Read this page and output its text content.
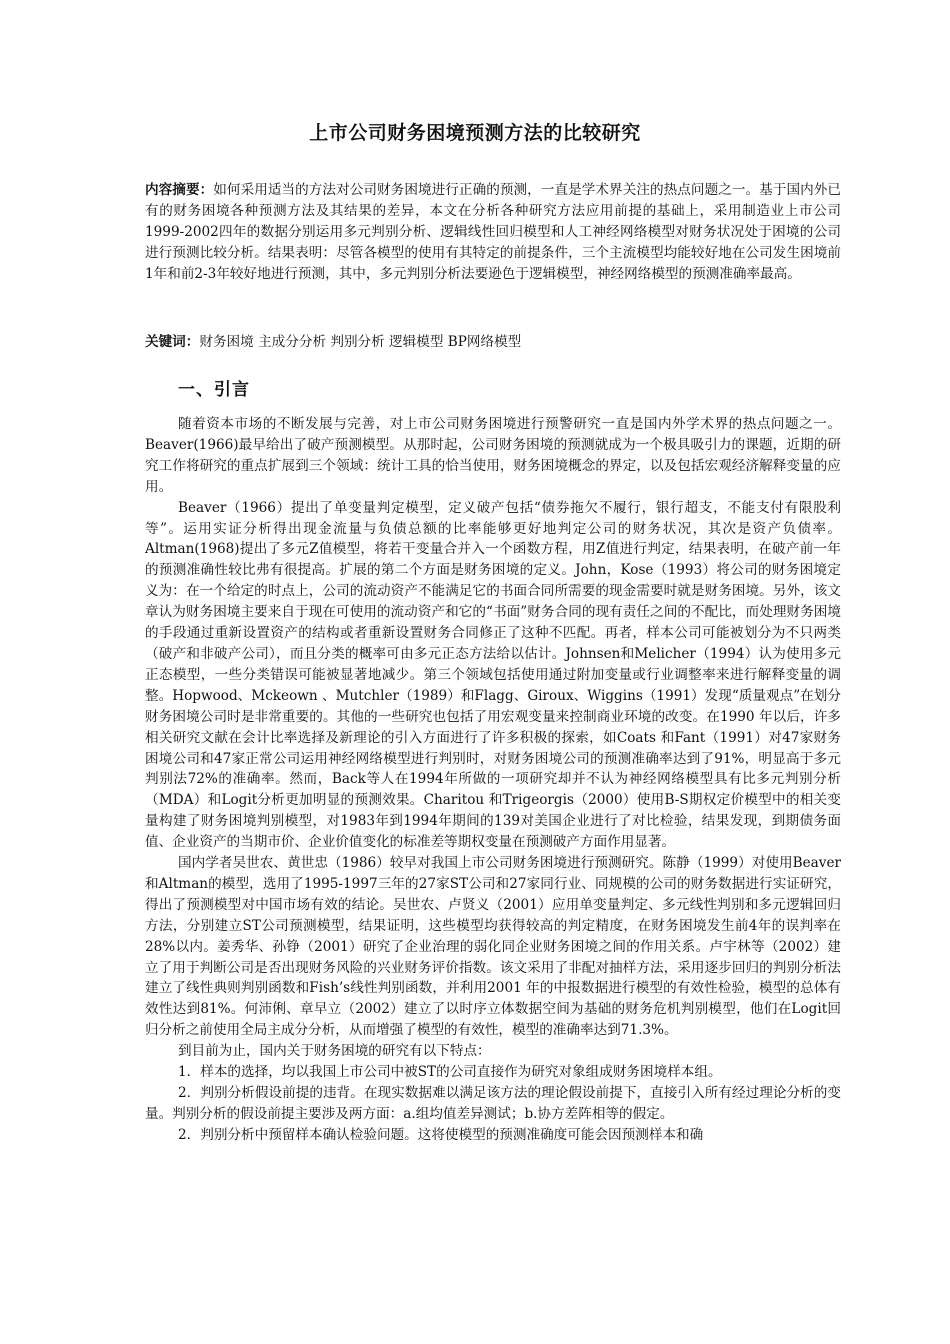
上市公司财务困境预测方法的比较研究
内容摘要：如何采用适当的方法对公司财务困境进行正确的预测，一直是学术界关注的热点问题之一。基于国内外已有的财务困境各种预测方法及其结果的差异，本文在分析各种研究方法应用前提的基础上，采用制造业上市公司1999-2002四年的数据分别运用多元判别分析、逻辑线性回归模型和人工神经网络模型对财务状况处于困境的公司进行预测比较分析。结果表明：尽管各模型的使用有其特定的前提条件，三个主流模型均能较好地在公司发生困境前1年和前2-3年较好地进行预测，其中，多元判别分析法要逊色于逻辑模型，神经网络模型的预测准确率最高。
关键词：财务困境 主成分分析 判别分析 逻辑模型 BP网络模型
一、引言

随着资本市场的不断发展与完善，对上市公司财务困境进行预警研究一直是国内外学术界的热点问题之一。Beaver(1966)最早给出了破产预测模型。从那时起，公司财务困境的预测就成为一个极具吸引力的课题，近期的研究工作将研究的重点扩展到三个领域：统计工具的恰当使用，财务困境概念的界定，以及包括宏观经济解释变量的应用。

Beaver（1966）提出了单变量判定模型，定义破产包括“债券拖欠不履行，银行超支，不能支付有限股利等”。运用实证分析得出现金流量与负债总额的比率能够更好地判定公司的财务状况，其次是资产负债率。Altman(1968)提出了多元Z值模型，将若干变量合并入一个函数方程，用Z值进行判定，结果表明，在破产前一年的预测准确性较比弗有很提高。扩展的第二个方面是财务困境的定义。John，Kose（1993）将公司的财务困境定义为：在一个给定的时点上，公司的流动资产不能满足它的书面合同所需要的现金需要时就是财务困境。另外，该文章认为财务困境主要来自于现在可使用的流动资产和它的“书面”财务合同的现有责任之间的不配比，而处理财务困境的手段通过重新设置资产的结构或者重新设置财务合同修正了这种不匹配。再者，样本公司可能被划分为不只两类（破产和非破产公司），而且分类的概率可由多元正态方法给以估计。Johnsen和Melicher（1994）认为使用多元正态模型，一些分类错误可能被显著地减少。第三个领域包括使用通过附加变量或行业调整率来进行解释变量的调整。Hopwood、Mckeown 、Mutchler（1989）和Flagg、Giroux、Wiggins（1991）发现“质量观点”在划分财务困境公司时是非常重要的。其他的一些研究也包括了用宏观变量来控制商业环境的改变。在1990 年以后，许多相关研究文献在会计比率选择及新理论的引入方面进行了许多积极的探索，如Coats 和Fant（1991）对47家财务困境公司和47家正常公司运用神经网络模型进行判别时，对财务困境公司的预测准确率达到了91%，明显高于多元判别法72%的准确率。然而，Back等人在1994年所做的一项研究却并不认为神经网络模型具有比多元判别分析（MDA）和Logit分析更加明显的预测效果。Charitou 和Trigeorgis（2000）使用B-S期权定价模型中的相关变量构建了财务困境判别模型，对1983年到1994年期间的139对美国企业进行了对比检验，结果发现，到期债务面值、企业资产的当期市价、企业价值变化的标准差等期权变量在预测破产方面作用显著。

国内学者吴世农、黄世忠（1986）较早对我国上市公司财务困境进行预测研究。陈静（1999）对使用Beaver和Altman的模型，选用了1995-1997三年的27家ST公司和27家同行业、同规模的公司的财务数据进行实证研究，得出了预测模型对中国市场有效的结论。吴世农、卢贤义（2001）应用单变量判定、多元线性判别和多元逻辑回归方法，分别建立ST公司预测模型，结果证明，这些模型均获得较高的判定精度，在财务困境发生前4年的误判率在28%以内。姜秀华、孙铮（2001）研究了企业治理的弱化同企业财务困境之间的作用关系。卢宇林等（2002）建立了用于判断公司是否出现财务风险的兴业财务评价指数。该文采用了非配对抽样方法，采用逐步回归的判别分析法建立了线性典则判别函数和Fish’s线性判别函数，并利用2001 年的中报数据进行模型的有效性检验，模型的总体有效性达到81%。何沛俐、章早立（2002）建立了以时序立体数据空间为基础的财务危机判别模型，他们在Logit回归分析之前使用全局主成分分析，从而增强了模型的有效性，模型的准确率达到71.3%。

到目前为止，国内关于财务困境的研究有以下特点：

1．样本的选择，均以我国上市公司中被ST的公司直接作为研究对象组成财务困境样本组。

2．判别分析假设前提的违背。在现实数据难以满足该方法的理论假设前提下，直接引入所有经过理论分析的变量。判别分析的假设前提主要涉及两方面：a.组均值差异测试；b.协方差阵相等的假定。

2．判别分析中预留样本确认检验问题。这将使模型的预测准确度可能会因预测样本和确
